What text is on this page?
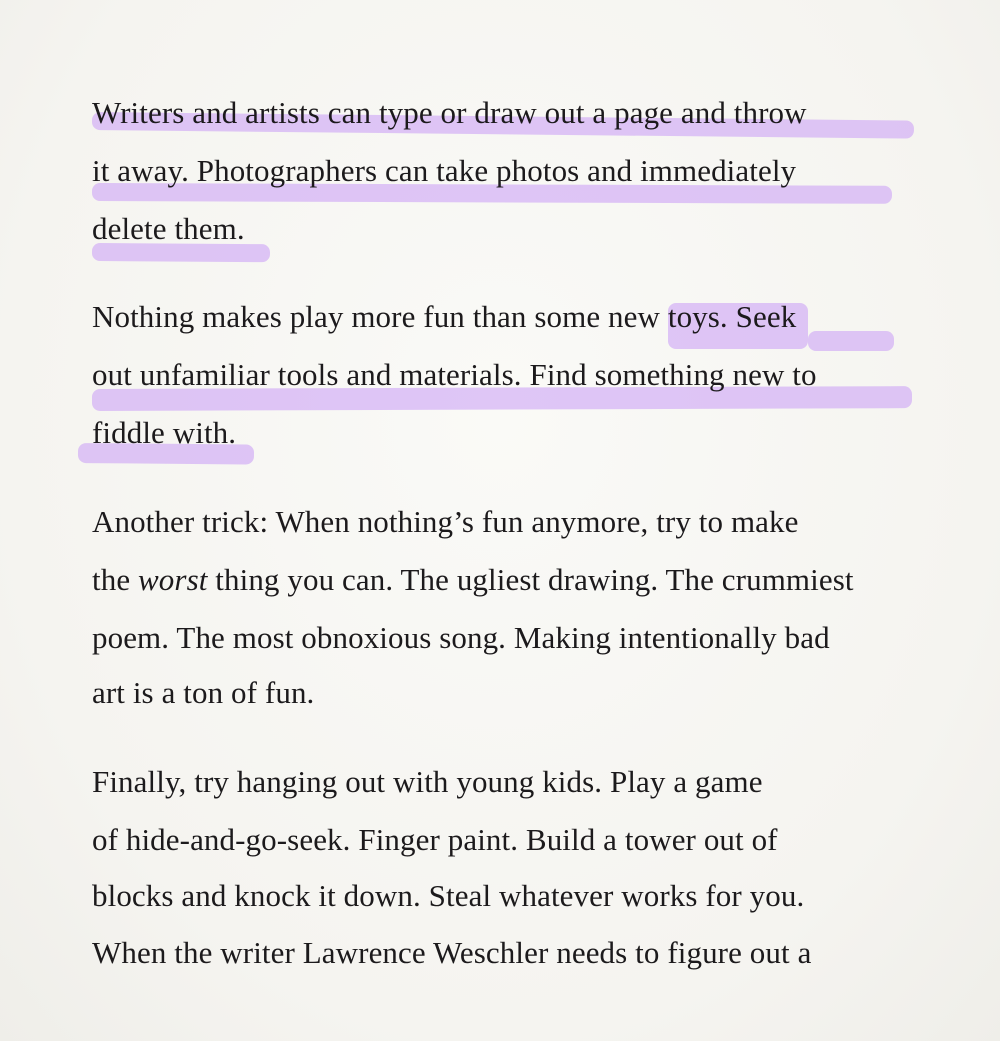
Writers and artists can type or draw out a page and throw
it away. Photographers can take photos and immediately
delete them.
Nothing makes play more fun than some new toys. Seek
out unfamiliar tools and materials. Find something new to
fiddle with.
Another trick: When nothing’s fun anymore, try to make
the worst thing you can. The ugliest drawing. The crummiest
poem. The most obnoxious song. Making intentionally bad
art is a ton of fun.
Finally, try hanging out with young kids. Play a game
of hide-and-go-seek. Finger paint. Build a tower out of
blocks and knock it down. Steal whatever works for you.
When the writer Lawrence Weschler needs to figure out a
